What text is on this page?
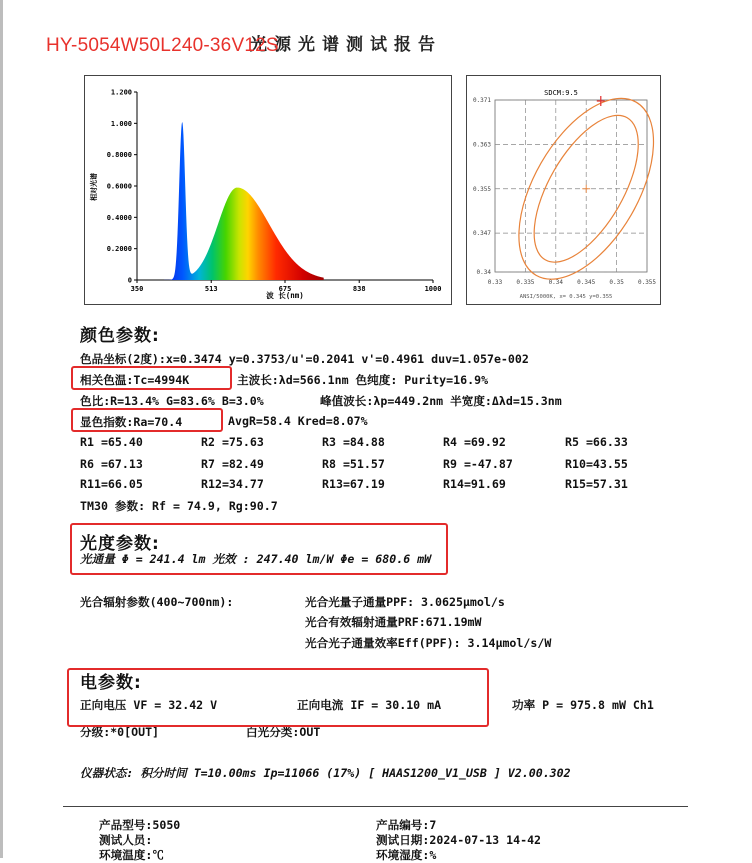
光源光谱测试报告
HY-5054W50L240-36V12S
0
0.2000
0.4000
0.6000
0.8000
1.000
1.200
350	513	675	838	1000
相对光谱
波 长(nm)
0.33 0.335 0.34 0.345 0.35 0.355
0.34
0.347
0.355
0.363
0.371
SDCM:9.5
ANSI/5000K, x= 0.345 y=0.355
颜色参数:
色品坐标(2度):x=0.3474 y=0.3753/u'=0.2041 v'=0.4961 duv=1.057e-002
相关色温:Tc=4994K	主波长:λd=566.1nm 色纯度: Purity=16.9%
色比:R=13.4% G=83.6% B=3.0%	峰值波长:λp=449.2nm 半宽度:Δλd=15.3nm
显色指数:Ra=70.4	AvgR=58.4 Kred=8.07%
R1 =65.40	R2 =75.63	R3 =84.88	R4 =69.92	R5 =66.33
R6 =67.13	R7 =82.49	R8 =51.57	R9 =-47.87	R10=43.55
R11=66.05	R12=34.77	R13=67.19	R14=91.69	R15=57.31
TM30 参数: Rf = 74.9, Rg:90.7
光度参数:
光通量 Φ = 241.4 lm 光效 : 247.40 lm/W Φe = 680.6 mW
光合辐射参数(400~700nm):	光合光量子通量PPF: 3.0625μmol/s
光合有效辐射通量PRF:671.19mW
光合光子通量效率Eff(PPF): 3.14μmol/s/W
电参数:
正向电压 VF = 32.42 V	正向电流 IF = 30.10 mA	功率 P = 975.8 mW Ch1
分级:*0[OUT]	白光分类:OUT
仪器状态: 积分时间 T=10.00ms Ip=11066 (17%) [ HAAS1200_V1_USB ] V2.00.302
产品型号:5050	产品编号:7
测试人员:	测试日期:2024-07-13 14-42
环境温度:℃	环境湿度:%
